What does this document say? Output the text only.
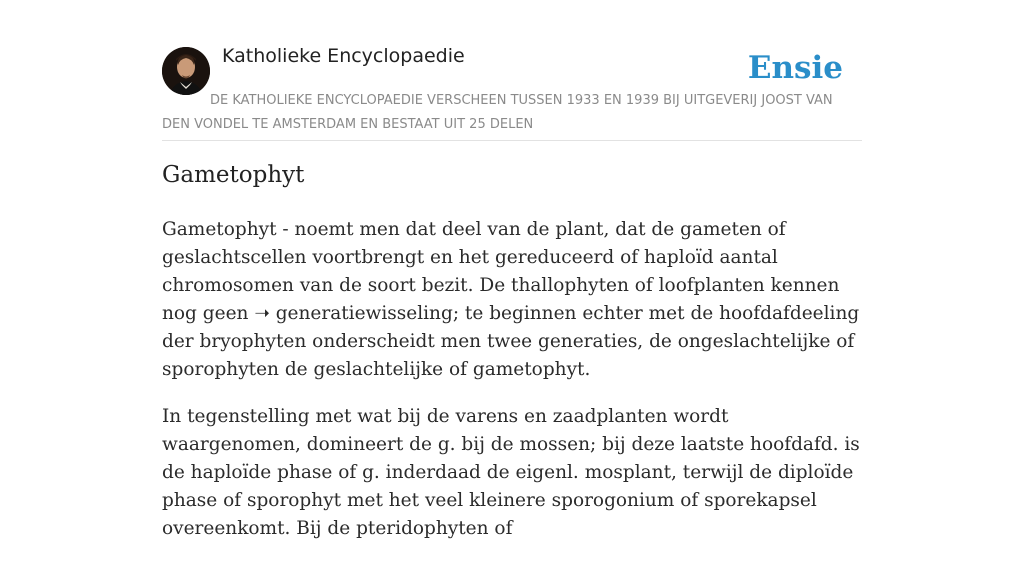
Katholieke Encyclopaedie	Ensie

DE KATHOLIEKE ENCYCLOPAEDIE VERSCHEEN TUSSEN 1933 EN 1939 BIJ UITGEVERIJ JOOST VAN DEN VONDEL TE AMSTERDAM EN BESTAAT UIT 25 DELEN

Gametophyt

Gametophyt - noemt men dat deel van de plant, dat de gameten of geslachtscellen voortbrengt en het gereduceerd of haploïd aantal chromosomen van de soort bezit. De thallophyten of loofplanten kennen nog geen ➝ generatiewisseling; te beginnen echter met de hoofdafdeeling der bryophyten onderscheidt men twee generaties, de ongeslachtelijke of sporophyten de geslachtelijke of gametophyt.

In tegenstelling met wat bij de varens en zaadplanten wordt waargenomen, domineert de g. bij de mossen; bij deze laatste hoofdafd. is de haploïde phase of g. inderdaad de eigenl. mosplant, terwijl de diploïde phase of sporophyt met het veel kleinere sporogonium of sporekapsel overeenkomt. Bij de pteridophyten of
